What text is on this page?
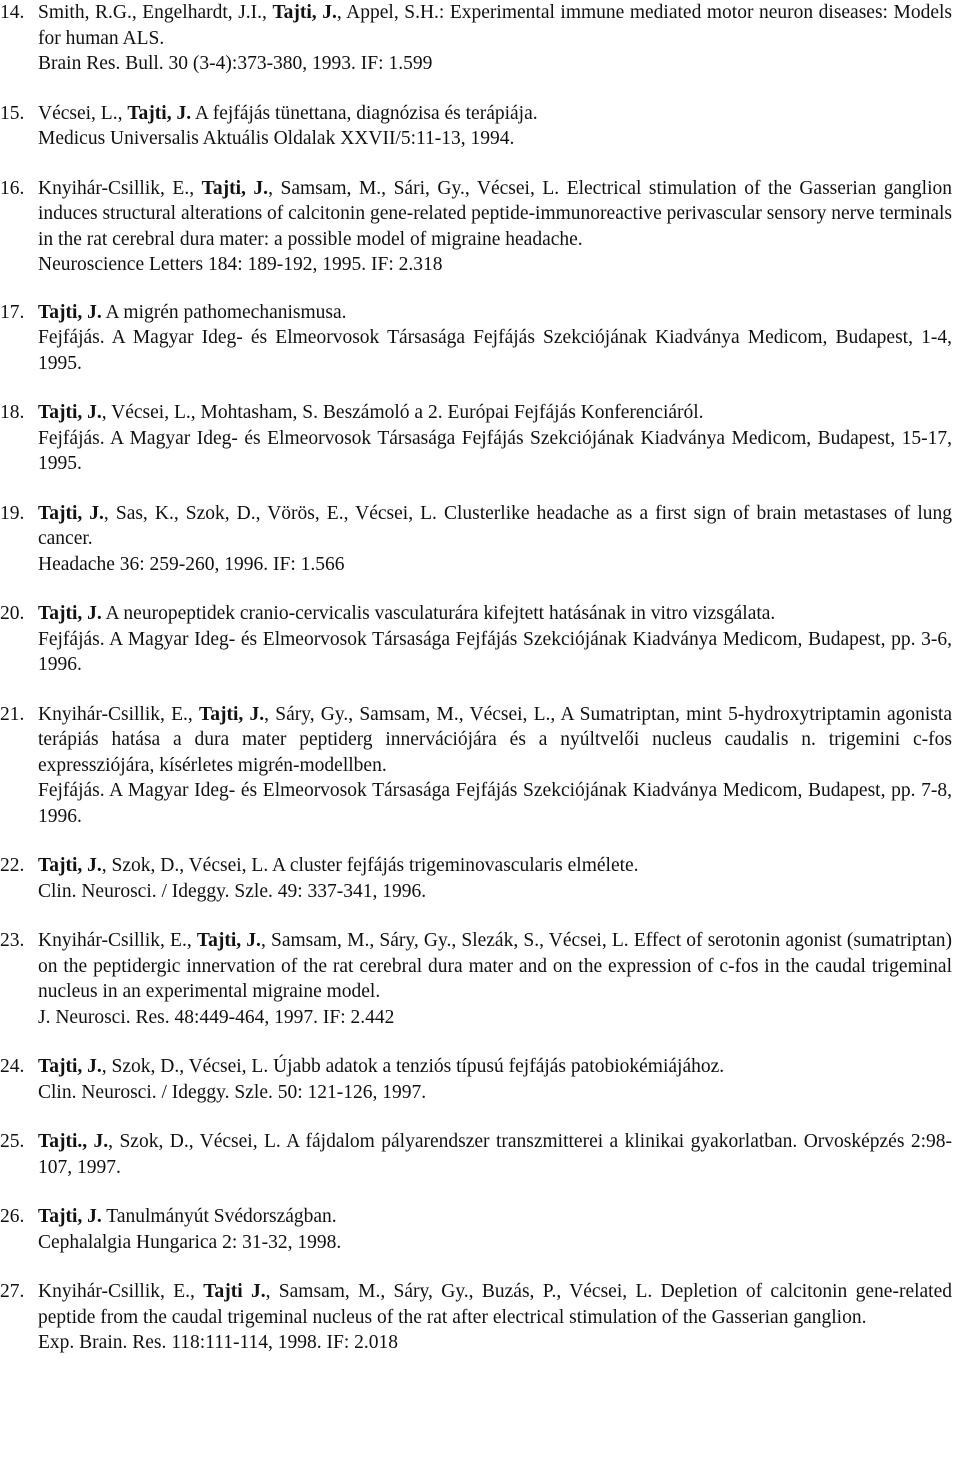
14. Smith, R.G., Engelhardt, J.I., Tajti, J., Appel, S.H.: Experimental immune mediated motor neuron diseases: Models for human ALS.
Brain Res. Bull. 30 (3-4):373-380, 1993. IF: 1.599
15. Vécsei, L., Tajti, J. A fejfájás tünettana, diagnózisa és terápiája.
Medicus Universalis Aktuális Oldalak XXVII/5:11-13, 1994.
16. Knyihár-Csillik, E., Tajti, J., Samsam, M., Sári, Gy., Vécsei, L. Electrical stimulation of the Gasserian ganglion induces structural alterations of calcitonin gene-related peptide-immunoreactive perivascular sensory nerve terminals in the rat cerebral dura mater: a possible model of migraine headache.
Neuroscience Letters 184: 189-192, 1995. IF: 2.318
17. Tajti, J. A migrén pathomechanismusa.
Fejfájás. A Magyar Ideg- és Elmeorvosok Társasága Fejfájás Szekciójának Kiadványa Medicom, Budapest, 1-4, 1995.
18. Tajti, J., Vécsei, L., Mohtasham, S. Beszámoló a 2. Európai Fejfájás Konferenciáról.
Fejfájás. A Magyar Ideg- és Elmeorvosok Társasága Fejfájás Szekciójának Kiadványa Medicom, Budapest, 15-17, 1995.
19. Tajti, J., Sas, K., Szok, D., Vörös, E., Vécsei, L. Clusterlike headache as a first sign of brain metastases of lung cancer.
Headache 36: 259-260, 1996. IF: 1.566
20. Tajti, J. A neuropeptidek cranio-cervicalis vasculaturára kifejtett hatásának in vitro vizsgálata.
Fejfájás. A Magyar Ideg- és Elmeorvosok Társasága Fejfájás Szekciójának Kiadványa Medicom, Budapest, pp. 3-6, 1996.
21. Knyihár-Csillik, E., Tajti, J., Sáry, Gy., Samsam, M., Vécsei, L., A Sumatriptan, mint 5-hydroxytriptamin agonista terápiás hatása a dura mater peptiderg innervációjára és a nyúltvelői nucleus caudalis n. trigemini c-fos expressziójára, kísérletes migrén-modellben.
Fejfájás. A Magyar Ideg- és Elmeorvosok Társasága Fejfájás Szekciójának Kiadványa Medicom, Budapest, pp. 7-8, 1996.
22. Tajti, J., Szok, D., Vécsei, L. A cluster fejfájás trigeminovascularis elmélete.
Clin. Neurosci. / Ideggy. Szle. 49: 337-341, 1996.
23. Knyihár-Csillik, E., Tajti, J., Samsam, M., Sáry, Gy., Slezák, S., Vécsei, L. Effect of serotonin agonist (sumatriptan) on the peptidergic innervation of the rat cerebral dura mater and on the expression of c-fos in the caudal trigeminal nucleus in an experimental migraine model.
J. Neurosci. Res. 48:449-464, 1997. IF: 2.442
24. Tajti, J., Szok, D., Vécsei, L. Újabb adatok a tenziós típusú fejfájás patobiokémiájához.
Clin. Neurosci. / Ideggy. Szle. 50: 121-126, 1997.
25. Tajti., J., Szok, D., Vécsei, L. A fájdalom pályarendszer transzmitterei a klinikai gyakorlatban. Orvosképzés 2:98-107, 1997.
26. Tajti, J. Tanulmányút Svédországban.
Cephalalgia Hungarica 2: 31-32, 1998.
27. Knyihár-Csillik, E., Tajti J., Samsam, M., Sáry, Gy., Buzás, P., Vécsei, L. Depletion of calcitonin gene-related peptide from the caudal trigeminal nucleus of the rat after electrical stimulation of the Gasserian ganglion.
Exp. Brain. Res. 118:111-114, 1998. IF: 2.018
